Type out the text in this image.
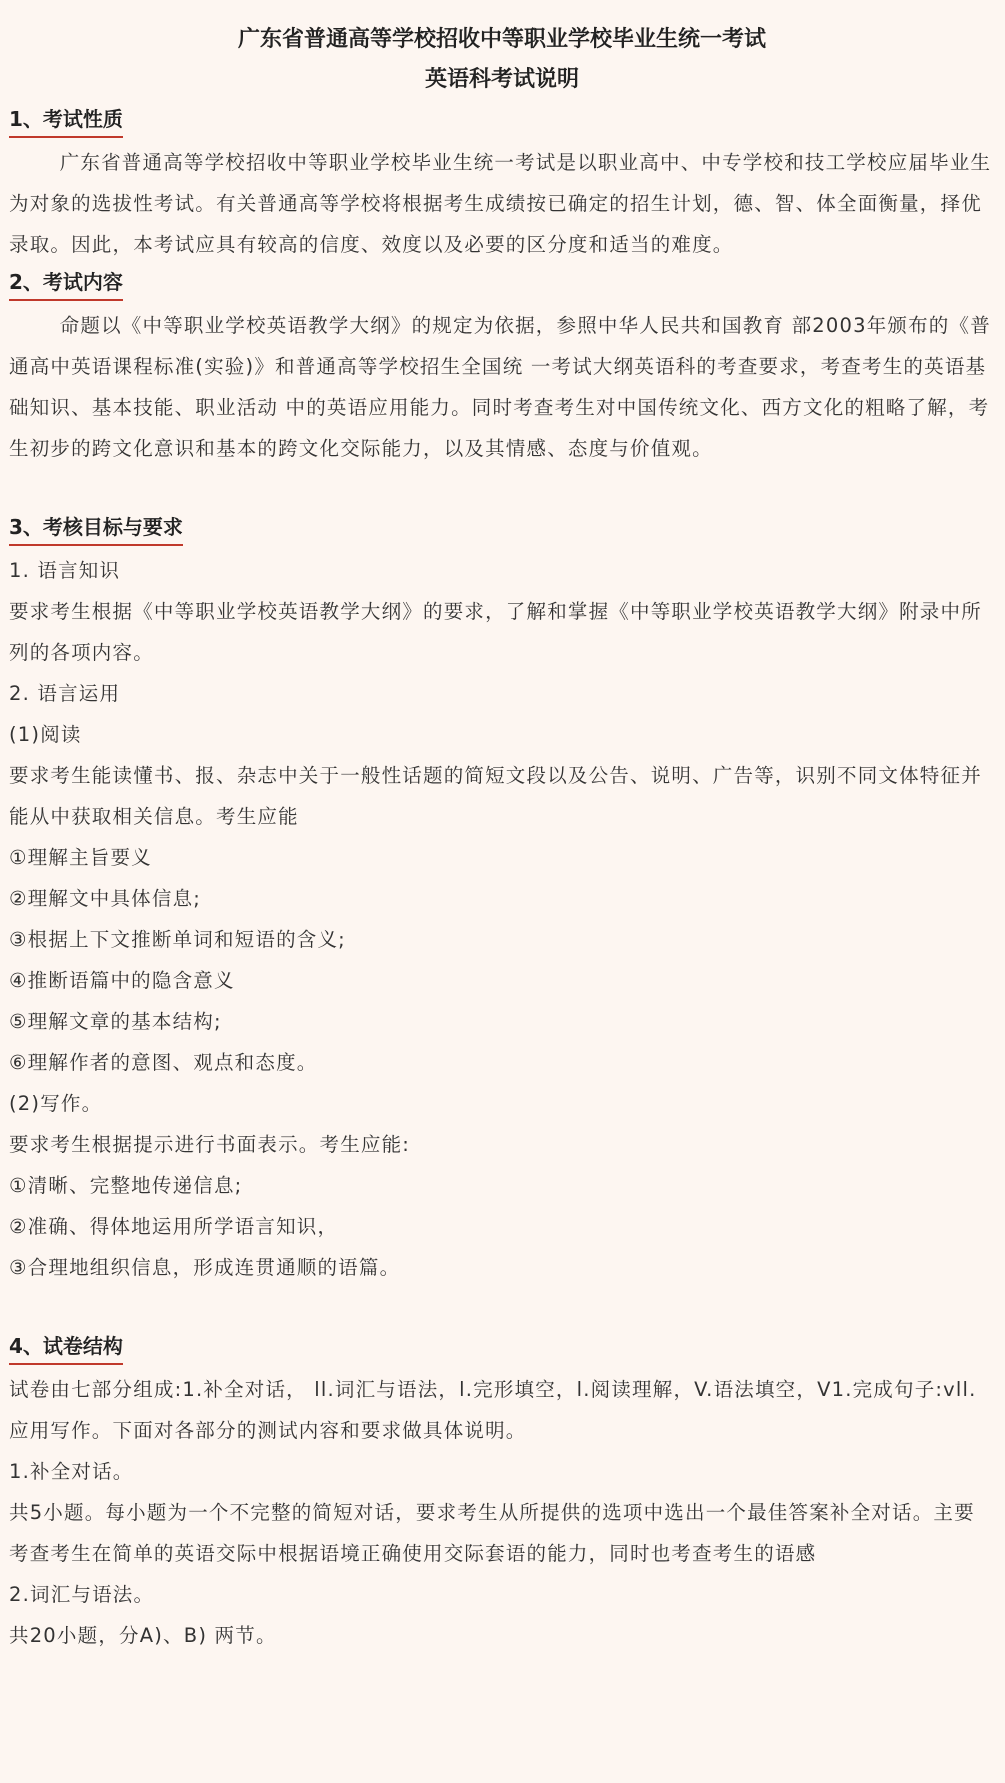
广东省普通高等学校招收中等职业学校毕业生统一考试
英语科考试说明
1、考试性质

广东省普通高等学校招收中等职业学校毕业生统一考试是以职业高中、中专学校和技工学校应届毕业生为对象的选拔性考试。有关普通高等学校将根据考生成绩按已确定的招生计划，德、智、体全面衡量，择优录取。因此，本考试应具有较高的信度、效度以及必要的区分度和适当的难度。

2、考试内容

命题以《中等职业学校英语教学大纲》的规定为依据，参照中华人民共和国教育 部2003年颁布的《普通高中英语课程标准(实验)》和普通高等学校招生全国统 一考试大纲英语科的考查要求，考查考生的英语基础知识、基本技能、职业活动 中的英语应用能力。同时考查考生对中国传统文化、西方文化的粗略了解，考生初步的跨文化意识和基本的跨文化交际能力，以及其情感、态度与价值观。

3、考核目标与要求

1. 语言知识

要求考生根据《中等职业学校英语教学大纲》的要求，了解和掌握《中等职业学校英语教学大纲》附录中所列的各项内容。

2. 语言运用

(1)阅读

要求考生能读懂书、报、杂志中关于一般性话题的简短文段以及公告、说明、广告等，识别不同文体特征并能从中获取相关信息。考生应能

①理解主旨要义

②理解文中具体信息;

③根据上下文推断单词和短语的含义;

④推断语篇中的隐含意义

⑤理解文章的基本结构;

⑥理解作者的意图、观点和态度。

(2)写作。

要求考生根据提示进行书面表示。考生应能:

①清晰、完整地传递信息;

②准确、得体地运用所学语言知识，

③合理地组织信息，形成连贯通顺的语篇。

4、试卷结构

试卷由七部分组成:1.补全对话， ll.词汇与语法，l.完形填空，l.阅读理解，V.语法填空，V1.完成句子:vll.应用写作。下面对各部分的测试内容和要求做具体说明。

1.补全对话。

共5小题。每小题为一个不完整的简短对话，要求考生从所提供的选项中选出一个最佳答案补全对话。主要考查考生在简单的英语交际中根据语境正确使用交际套语的能力，同时也考查考生的语感

2.词汇与语法。

共20小题，分A)、B) 两节。
